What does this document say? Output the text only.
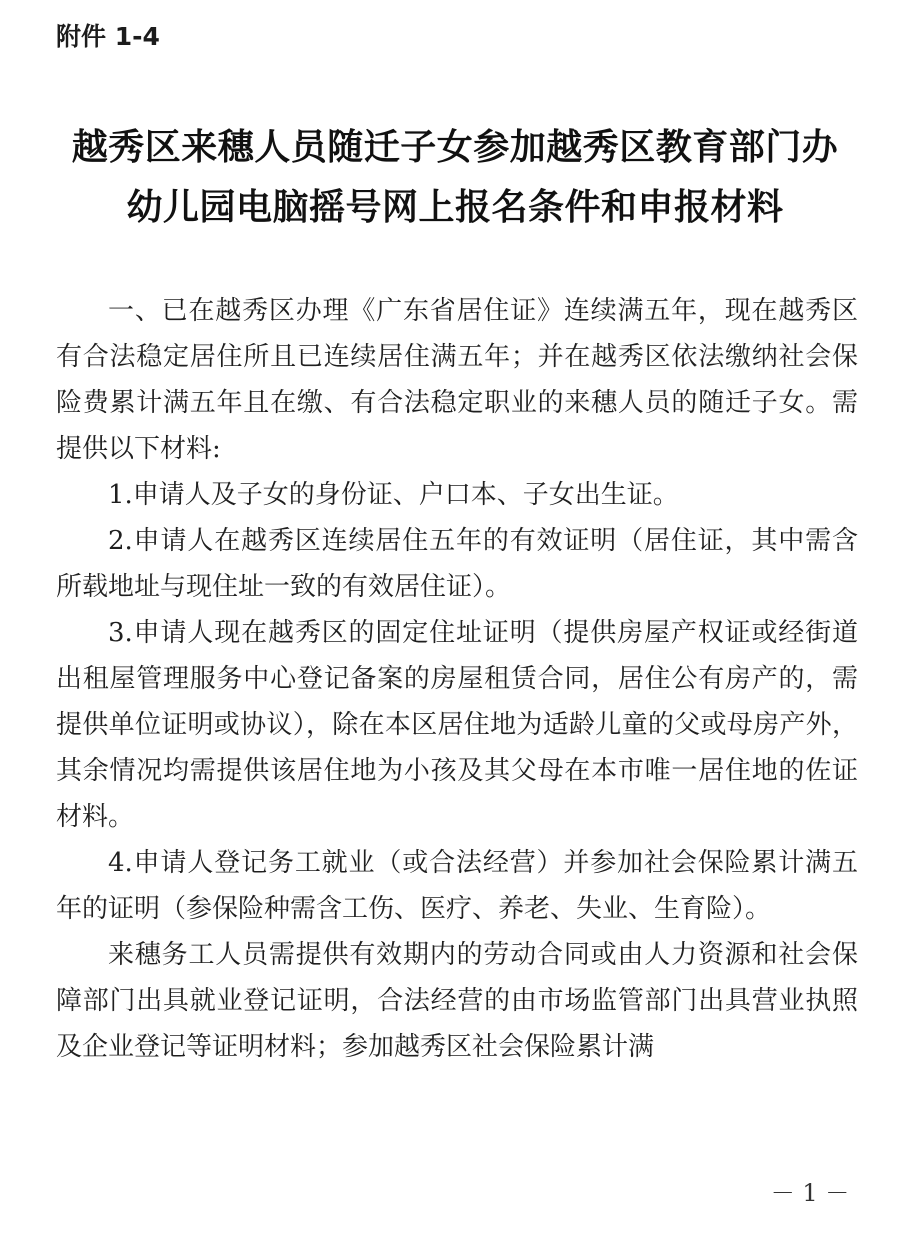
附件 1-4
越秀区来穗人员随迁子女参加越秀区教育部门办
幼儿园电脑摇号网上报名条件和申报材料

一、已在越秀区办理《广东省居住证》连续满五年，现在越秀区有合法稳定居住所且已连续居住满五年；并在越秀区依法缴纳社会保险费累计满五年且在缴、有合法稳定职业的来穗人员的随迁子女。需提供以下材料:

1.申请人及子女的身份证、户口本、子女出生证。

2.申请人在越秀区连续居住五年的有效证明（居住证，其中需含所载地址与现住址一致的有效居住证）。

3.申请人现在越秀区的固定住址证明（提供房屋产权证或经街道出租屋管理服务中心登记备案的房屋租赁合同，居住公有房产的，需提供单位证明或协议），除在本区居住地为适龄儿童的父或母房产外，其余情况均需提供该居住地为小孩及其父母在本市唯一居住地的佐证材料。

4.申请人登记务工就业（或合法经营）并参加社会保险累计满五年的证明（参保险种需含工伤、医疗、养老、失业、生育险）。

来穗务工人员需提供有效期内的劳动合同或由人力资源和社会保障部门出具就业登记证明，合法经营的由市场监管部门出具营业执照及企业登记等证明材料；参加越秀区社会保险累计满

－ 1 －
